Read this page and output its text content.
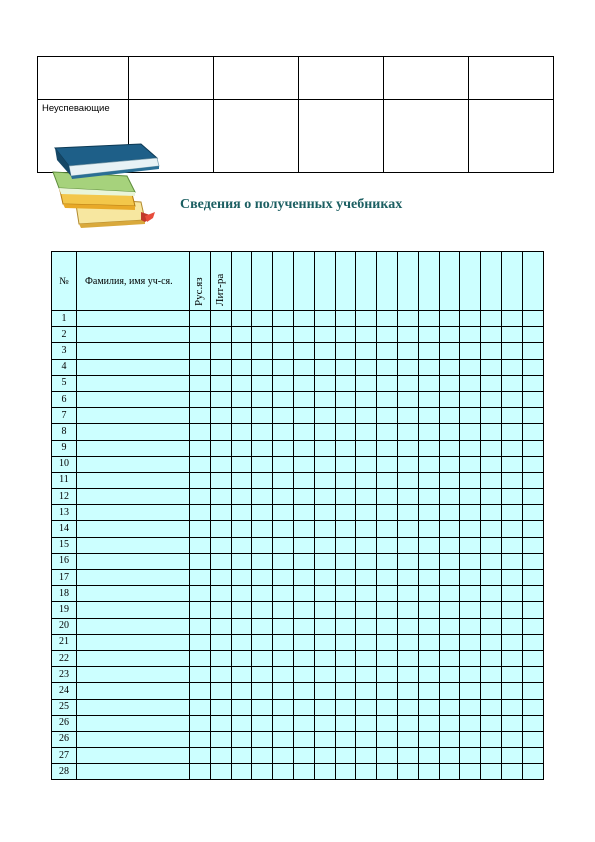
Неуспевающие					

Сведения о полученных учебниках
№	Фамилия, имя уч-ся.	Рус.яз	Лит-ра															

1																		
2																		
3																		
4																		
5																		
6																		
7																		
8																		
9																		
10																		
11																		
12																		
13																		
14																		
15																		
16																		
17																		
18																		
19																		
20																		
21																		
22																		
23																		
24																		
25																		
26																		
26																		
27																		
28																		
